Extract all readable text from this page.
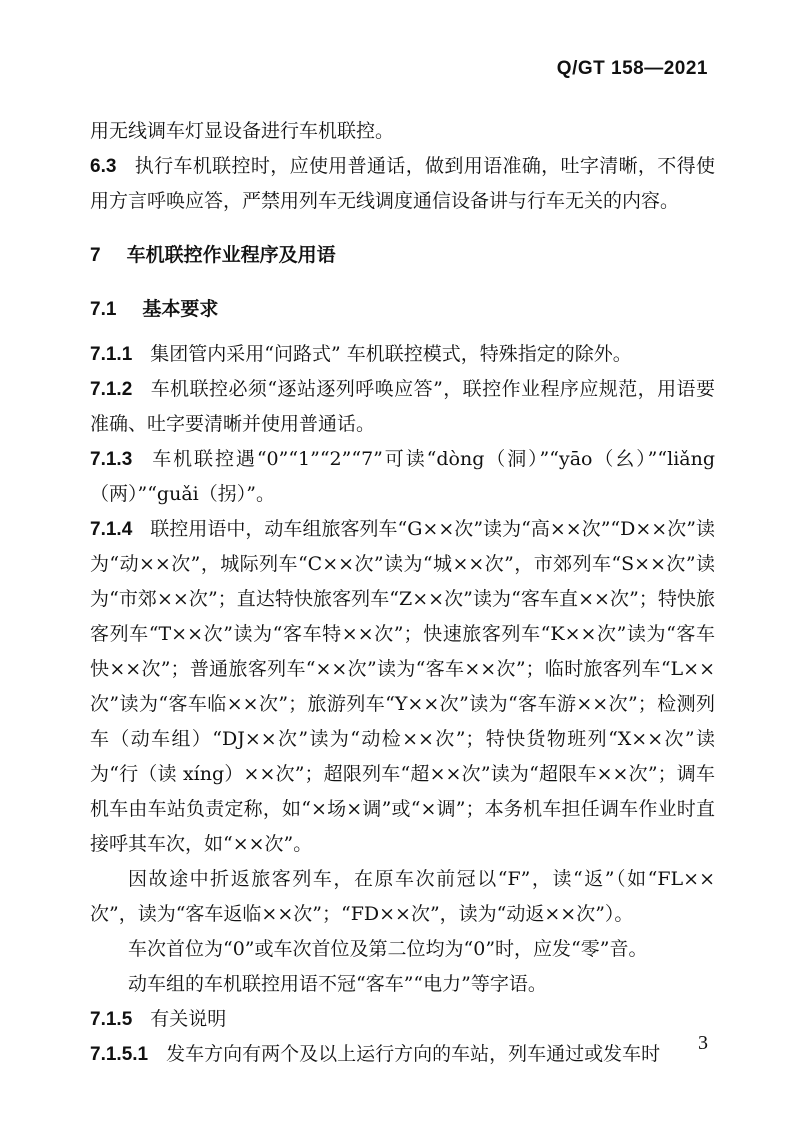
Q/GT 158—2021

用无线调车灯显设备进行车机联控。

6.3 执行车机联控时，应使用普通话，做到用语准确，吐字清晰，不得使用方言呼唤应答，严禁用列车无线调度通信设备讲与行车无关的内容。

7 车机联控作业程序及用语

7.1 基本要求

7.1.1 集团管内采用“问路式” 车机联控模式，特殊指定的除外。

7.1.2 车机联控必须“逐站逐列呼唤应答”，联控作业程序应规范，用语要准确、吐字要清晰并使用普通话。

7.1.3 车机联控遇“0”“1”“2”“7”可读“dòng（洞）”“yāo（幺）”“liǎng（两）”“guǎi（拐）”。

7.1.4 联控用语中，动车组旅客列车“G××次”读为“高××次”“D××次”读为“动××次”，城际列车“C××次”读为“城××次”，市郊列车“S××次”读为“市郊××次”；直达特快旅客列车“Z××次”读为“客车直××次”；特快旅客列车“T××次”读为“客车特××次”；快速旅客列车“K××次”读为“客车快××次”；普通旅客列车“××次”读为“客车××次”；临时旅客列车“L××次”读为“客车临××次”；旅游列车“Y××次”读为“客车游××次”；检测列车（动车组）“DJ××次”读为“动检××次”；特快货物班列“X××次”读为“行（读 xíng）××次”；超限列车“超××次”读为“超限车××次”；调车机车由车站负责定称，如“×场×调”或“×调”；本务机车担任调车作业时直接呼其车次，如“××次”。

因故途中折返旅客列车，在原车次前冠以“F”，读“返”（如“FL××次”，读为“客车返临××次”；“FD××次”，读为“动返××次”）。

车次首位为“0”或车次首位及第二位均为“0”时，应发“零”音。

动车组的车机联控用语不冠“客车”“电力”等字语。

7.1.5 有关说明

7.1.5.1 发车方向有两个及以上运行方向的车站，列车通过或发车时	3
